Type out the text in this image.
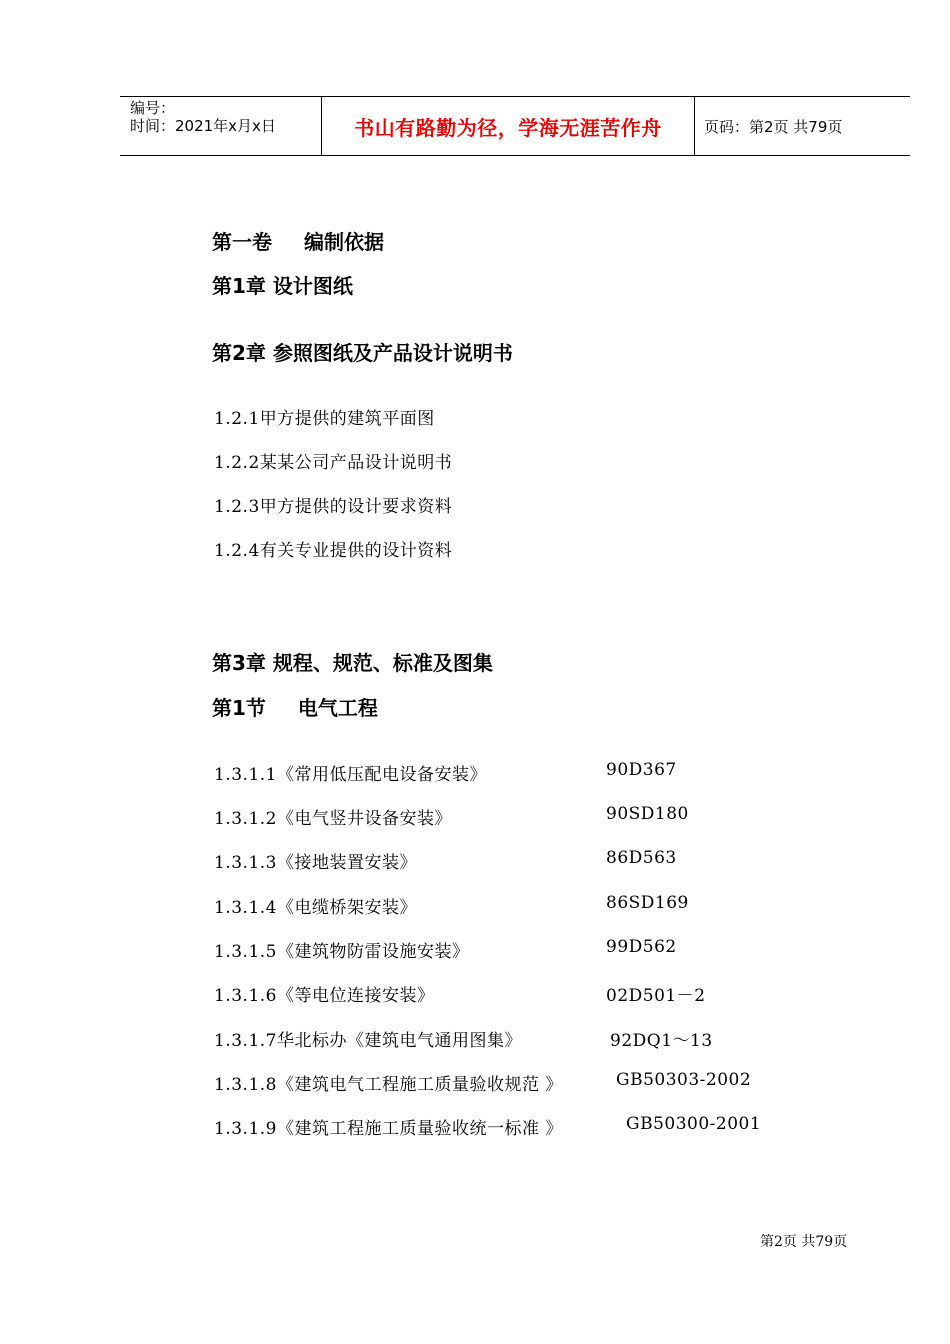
编号：
时间：2021年x月x日	书山有路勤为径，学海无涯苦作舟	页码：第2页 共79页
第一卷 编制依据
第1章 设计图纸
第2章 参照图纸及产品设计说明书
1.2.1甲方提供的建筑平面图
1.2.2某某公司产品设计说明书
1.2.3甲方提供的设计要求资料
1.2.4有关专业提供的设计资料
第3章 规程、规范、标准及图集
第1节 电气工程
1.3.1.1《常用低压配电设备安装》	90D367
1.3.1.2《电气竖井设备安装》	90SD180
1.3.1.3《接地装置安装》	86D563
1.3.1.4《电缆桥架安装》	86SD169
1.3.1.5《建筑物防雷设施安装》	99D562
1.3.1.6《等电位连接安装》	02D501－2
1.3.1.7华北标办《建筑电气通用图集》	92DQ1～13
1.3.1.8《建筑电气工程施工质量验收规范 》	GB50303-2002
1.3.1.9《建筑工程施工质量验收统一标准 》	GB50300-2001
第2页 共79页
